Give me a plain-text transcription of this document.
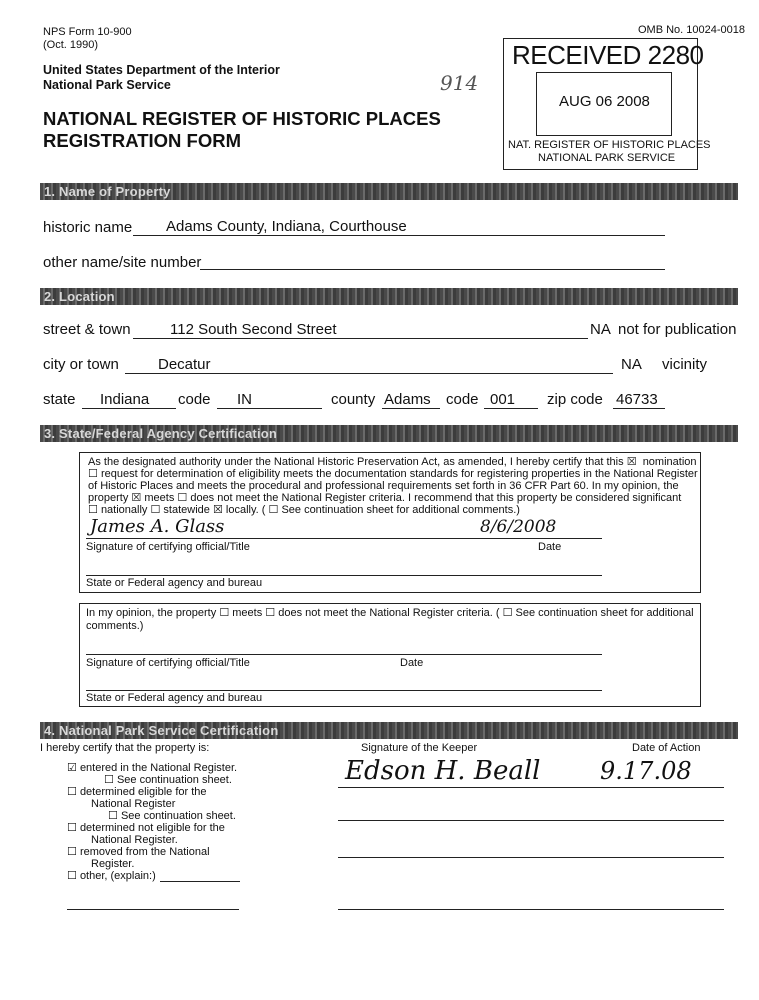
NPS Form 10-900
(Oct. 1990)
OMB No. 10024-0018
United States Department of the Interior
National Park Service
NATIONAL REGISTER OF HISTORIC PLACES
REGISTRATION FORM
914
RECEIVED 2280
AUG 06 2008
NAT. REGISTER OF HISTORIC PLACES
NATIONAL PARK SERVICE
1. Name of Property
historic name Adams County, Indiana, Courthouse
other name/site number
2. Location
street & town	112 South Second Street	NA not for publication
city or town	Decatur	NA vicinity
state Indiana code IN	county Adams code 001 zip code 46733
3. State/Federal Agency Certification
As the designated authority under the National Historic Preservation Act, as amended, I hereby certify that this ☒ nomination
☐ request for determination of eligibility meets the documentation standards for registering properties in the National Register
of Historic Places and meets the procedural and professional requirements set forth in 36 CFR Part 60. In my opinion, the
property ☒ meets ☐ does not meet the National Register criteria. I recommend that this property be considered significant
☐ nationally ☐ statewide ☒ locally. ( ☐ See continuation sheet for additional comments.)
James A. Glass	8/6/2008
Signature of certifying official/Title	Date
State or Federal agency and bureau
In my opinion, the property ☐ meets ☐ does not meet the National Register criteria. ( ☐ See continuation sheet for additional
comments.)
Signature of certifying official/Title	Date
State or Federal agency and bureau
4. National Park Service Certification
I hereby certify that the property is:
☑ entered in the National Register.
☐ See continuation sheet.
☐ determined eligible for the
National Register
☐ See continuation sheet.
☐ determined not eligible for the
National Register.
☐ removed from the National
Register.
☐ other, (explain:)
Signature of the Keeper	Date of Action
Edson H. Beall 9.17.08
